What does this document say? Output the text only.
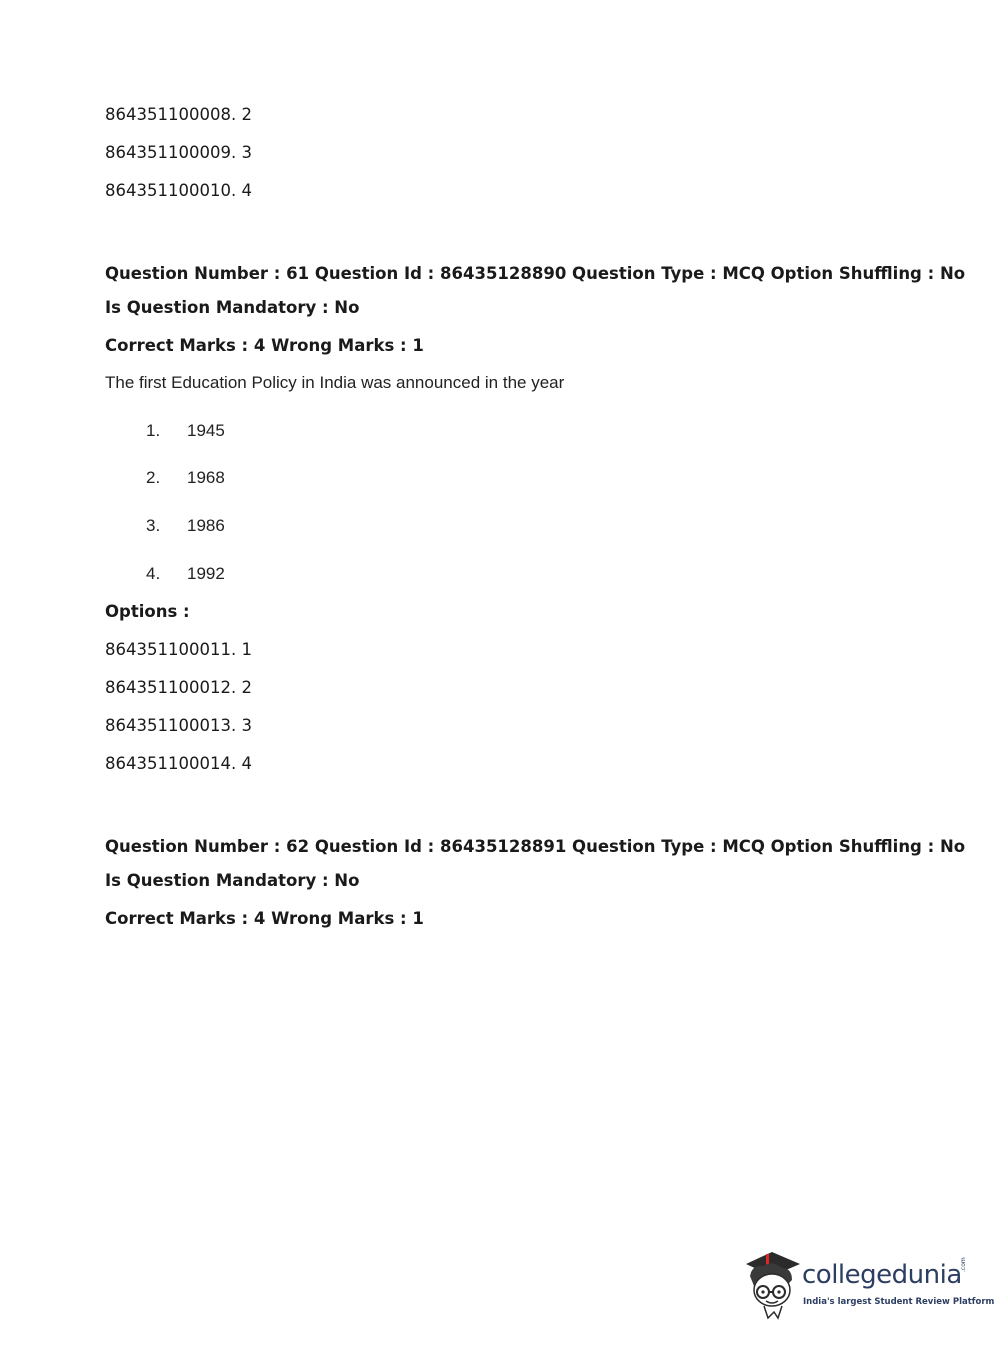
864351100008. 2
864351100009. 3
864351100010. 4
Question Number : 61 Question Id : 86435128890 Question Type : MCQ Option Shuffling : No
Is Question Mandatory : No
Correct Marks : 4 Wrong Marks : 1
The first Education Policy in India was announced in the year
1. 1945
2. 1968
3. 1986
4. 1992
Options :
864351100011. 1
864351100012. 2
864351100013. 3
864351100014. 4
Question Number : 62 Question Id : 86435128891 Question Type : MCQ Option Shuffling : No
Is Question Mandatory : No
Correct Marks : 4 Wrong Marks : 1
collegedunia
.com
India's largest Student Review Platform
